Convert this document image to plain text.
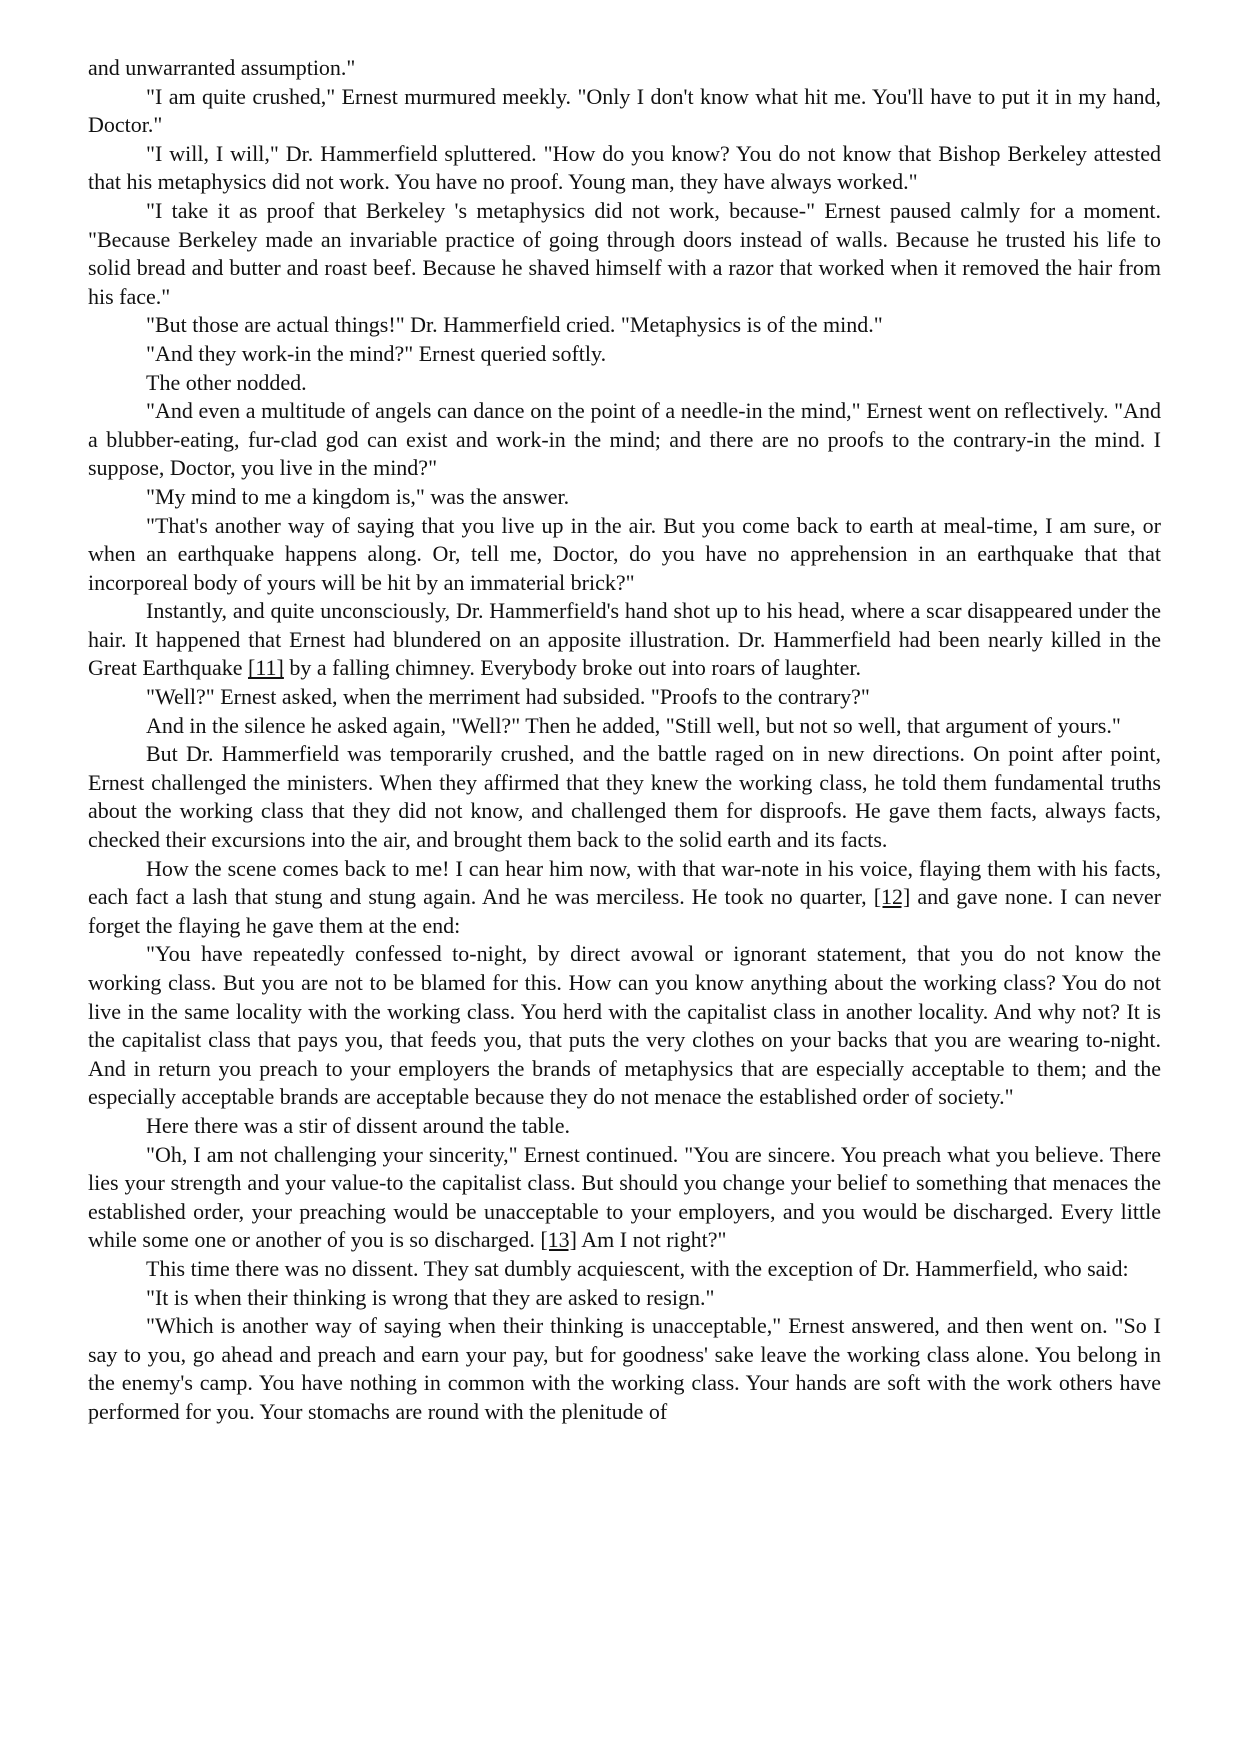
and unwarranted assumption."

"I am quite crushed," Ernest murmured meekly. "Only I don't know what hit me. You'll have to put it in my hand, Doctor."

"I will, I will," Dr. Hammerfield spluttered. "How do you know? You do not know that Bishop Berkeley attested that his metaphysics did not work. You have no proof. Young man, they have always worked."

"I take it as proof that Berkeley 's metaphysics did not work, because-" Ernest paused calmly for a moment. "Because Berkeley made an invariable practice of going through doors instead of walls. Because he trusted his life to solid bread and butter and roast beef. Because he shaved himself with a razor that worked when it removed the hair from his face."

"But those are actual things!" Dr. Hammerfield cried. "Metaphysics is of the mind."

"And they work-in the mind?" Ernest queried softly.

The other nodded.

"And even a multitude of angels can dance on the point of a needle-in the mind," Ernest went on reflectively. "And a blubber-eating, fur-clad god can exist and work-in the mind; and there are no proofs to the contrary-in the mind. I suppose, Doctor, you live in the mind?"

"My mind to me a kingdom is," was the answer.

"That's another way of saying that you live up in the air. But you come back to earth at meal-time, I am sure, or when an earthquake happens along. Or, tell me, Doctor, do you have no apprehension in an earthquake that that incorporeal body of yours will be hit by an immaterial brick?"

Instantly, and quite unconsciously, Dr. Hammerfield's hand shot up to his head, where a scar disappeared under the hair. It happened that Ernest had blundered on an apposite illustration. Dr. Hammerfield had been nearly killed in the Great Earthquake [11] by a falling chimney. Everybody broke out into roars of laughter.

"Well?" Ernest asked, when the merriment had subsided. "Proofs to the contrary?"

And in the silence he asked again, "Well?" Then he added, "Still well, but not so well, that argument of yours."

But Dr. Hammerfield was temporarily crushed, and the battle raged on in new directions. On point after point, Ernest challenged the ministers. When they affirmed that they knew the working class, he told them fundamental truths about the working class that they did not know, and challenged them for disproofs. He gave them facts, always facts, checked their excursions into the air, and brought them back to the solid earth and its facts.

How the scene comes back to me! I can hear him now, with that war-note in his voice, flaying them with his facts, each fact a lash that stung and stung again. And he was merciless. He took no quarter, [12] and gave none. I can never forget the flaying he gave them at the end:

"You have repeatedly confessed to-night, by direct avowal or ignorant statement, that you do not know the working class. But you are not to be blamed for this. How can you know anything about the working class? You do not live in the same locality with the working class. You herd with the capitalist class in another locality. And why not? It is the capitalist class that pays you, that feeds you, that puts the very clothes on your backs that you are wearing to-night. And in return you preach to your employers the brands of metaphysics that are especially acceptable to them; and the especially acceptable brands are acceptable because they do not menace the established order of society."

Here there was a stir of dissent around the table.

"Oh, I am not challenging your sincerity," Ernest continued. "You are sincere. You preach what you believe. There lies your strength and your value-to the capitalist class. But should you change your belief to something that menaces the established order, your preaching would be unacceptable to your employers, and you would be discharged. Every little while some one or another of you is so discharged. [13] Am I not right?"

This time there was no dissent. They sat dumbly acquiescent, with the exception of Dr. Hammerfield, who said:

"It is when their thinking is wrong that they are asked to resign."

"Which is another way of saying when their thinking is unacceptable," Ernest answered, and then went on. "So I say to you, go ahead and preach and earn your pay, but for goodness' sake leave the working class alone. You belong in the enemy's camp. You have nothing in common with the working class. Your hands are soft with the work others have performed for you. Your stomachs are round with the plenitude of
